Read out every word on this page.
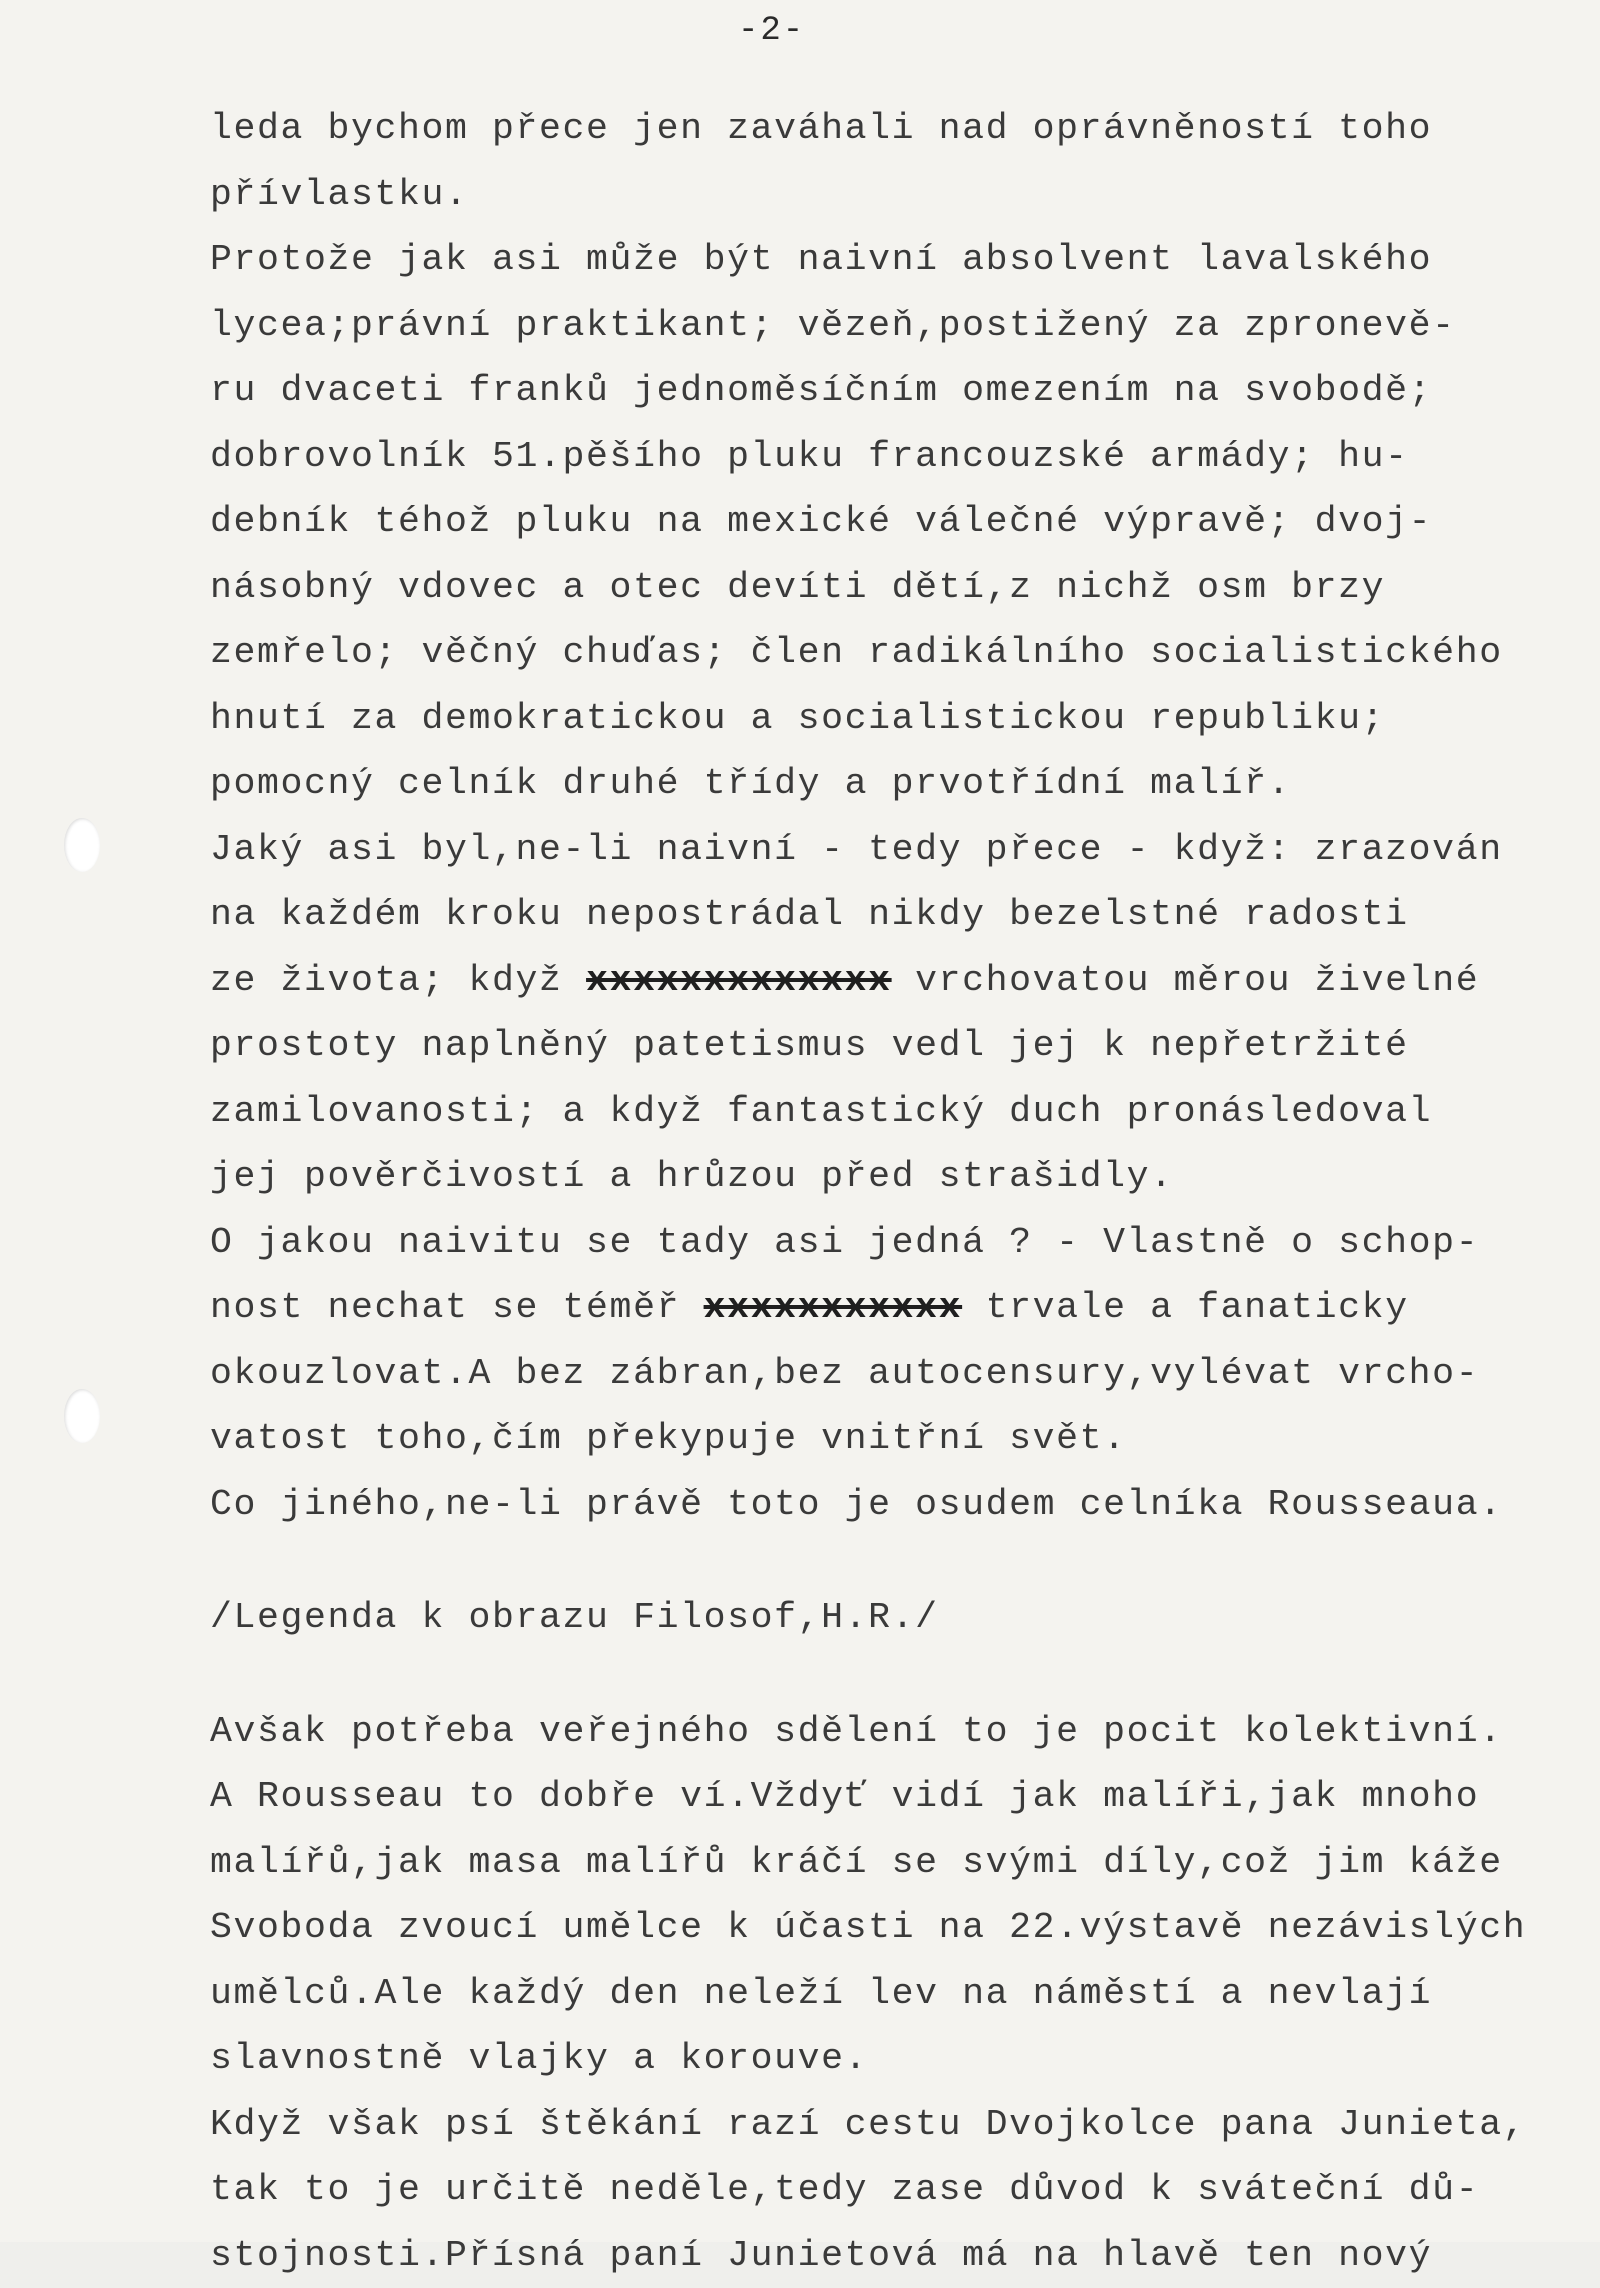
-2-
leda bychom přece jen zaváhali nad oprávněností toho
přívlastku.
Protože jak asi může být naivní absolvent lavalského
lycea;právní praktikant; vězeň,postižený za zpronevě-
ru dvaceti franků jednoměsíčním omezením na svobodě;
dobrovolník 51.pěšího pluku francouzské armády; hu-
debník téhož pluku na mexické válečné výpravě; dvoj-
násobný vdovec a otec devíti dětí,z nichž osm brzy
zemřelo; věčný chuďas; člen radikálního socialistického
hnutí za demokratickou a socialistickou republiku;
pomocný celník druhé třídy a prvotřídní malíř.
Jaký asi byl,ne-li naivní - tedy přece - když: zrazován
na každém kroku nepostrádal nikdy bezelstné radosti
ze života; když xxxxxxxxxxxxx vrchovatou měrou živelné
prostoty naplněný patetismus vedl jej k nepřetržité
zamilovanosti; a když fantastický duch pronásledoval
jej pověrčivostí a hrůzou před strašidly.
O jakou naivitu se tady asi jedná ? - Vlastně o schop-
nost nechat se téměř xxxxxxxxxxx trvale a fanaticky
okouzlovat.A bez zábran,bez autocensury,vylévat vrcho-
vatost toho,čím překypuje vnitřní svět.
Co jiného,ne-li právě toto je osudem celníka Rousseaua.
/Legenda k obrazu Filosof,H.R./
Avšak potřeba veřejného sdělení to je pocit kolektivní.
A Rousseau to dobře ví.Vždyť vidí jak malíři,jak mnoho
malířů,jak masa malířů kráčí se svými díly,což jim káže
Svoboda zvoucí umělce k účasti na 22.výstavě nezávislých
umělců.Ale každý den neleží lev na náměstí a nevlají
slavnostně vlajky a korouve.
Když však psí štěkání razí cestu Dvojkolce pana Junieta,
tak to je určitě neděle,tedy zase důvod k sváteční dů-
stojnosti.Přísná paní Junietová má na hlavě ten nový
